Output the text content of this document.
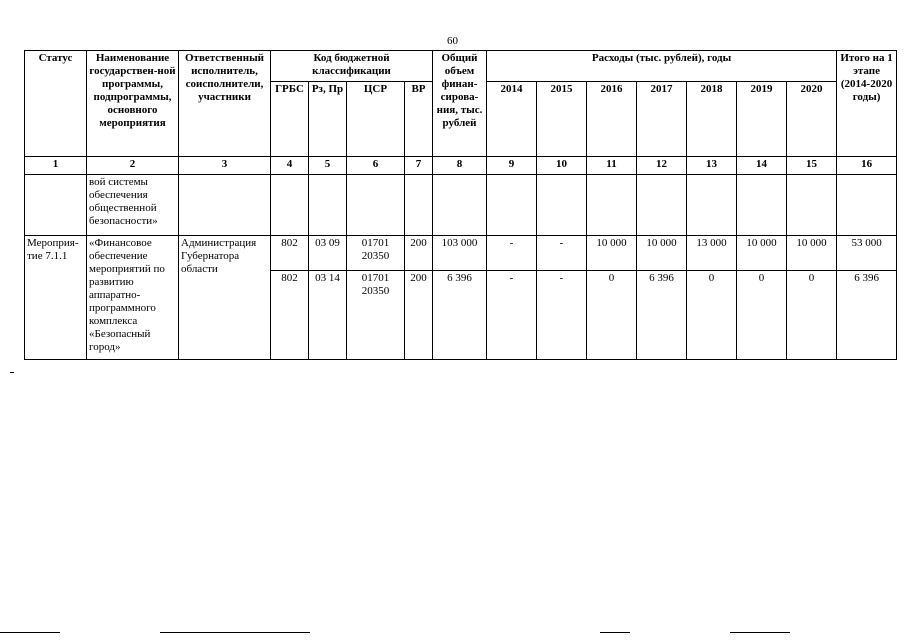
60
Статус	Наименование государствен-ной программы, подпрограммы, основного мероприятия	Ответственный исполнитель, соисполнители, участники	Код бюджетной классификации				Общий объем финан-сирова-ния, тыс. рублей	Расходы (тыс. рублей), годы							Итого на 1 этапе (2014-2020 годы)
			ГРБС	Рз, Пр	ЦСР	ВР		2014	2015	2016	2017	2018	2019	2020	
1	2	3	4	5	6	7	8	9	10	11	12	13	14	15	16
	вой системы обеспечения общественной безопасности»														
Мероприя-тие 7.1.1	«Финансовое обеспечение мероприятий по развитию аппаратно-программного комплекса «Безопасный город»	Администрация Губернатора области	802	03 09	01701 20350	200	103 000	-	-	10 000	10 000	13 000	10 000	10 000	53 000
			802	03 14	01701 20350	200	6 396	-	-	0	6 396	0	0	0	6 396
